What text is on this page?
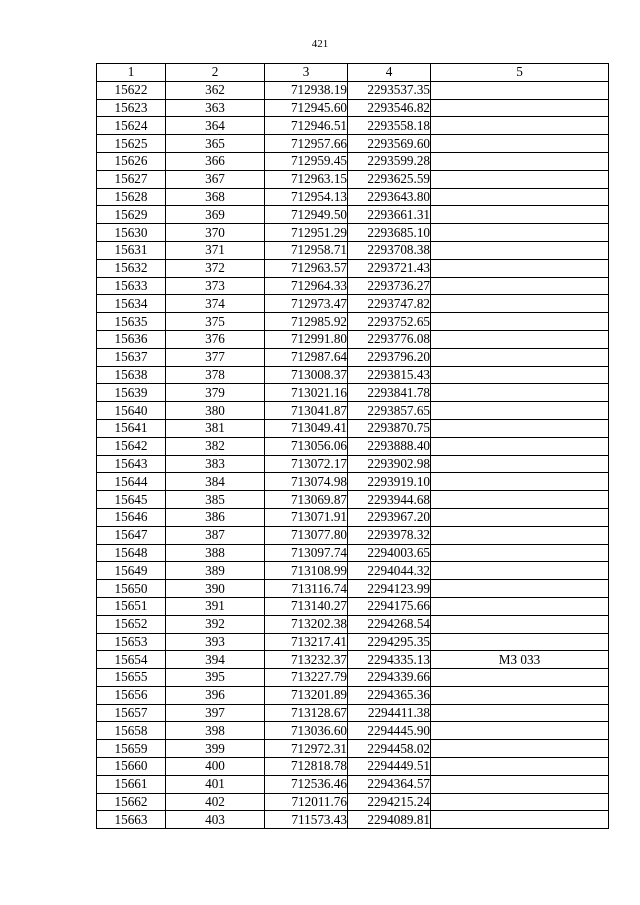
421
1	2	3	4	5
15622	362	712938.19	2293537.35	
15623	363	712945.60	2293546.82	
15624	364	712946.51	2293558.18	
15625	365	712957.66	2293569.60	
15626	366	712959.45	2293599.28	
15627	367	712963.15	2293625.59	
15628	368	712954.13	2293643.80	
15629	369	712949.50	2293661.31	
15630	370	712951.29	2293685.10	
15631	371	712958.71	2293708.38	
15632	372	712963.57	2293721.43	
15633	373	712964.33	2293736.27	
15634	374	712973.47	2293747.82	
15635	375	712985.92	2293752.65	
15636	376	712991.80	2293776.08	
15637	377	712987.64	2293796.20	
15638	378	713008.37	2293815.43	
15639	379	713021.16	2293841.78	
15640	380	713041.87	2293857.65	
15641	381	713049.41	2293870.75	
15642	382	713056.06	2293888.40	
15643	383	713072.17	2293902.98	
15644	384	713074.98	2293919.10	
15645	385	713069.87	2293944.68	
15646	386	713071.91	2293967.20	
15647	387	713077.80	2293978.32	
15648	388	713097.74	2294003.65	
15649	389	713108.99	2294044.32	
15650	390	713116.74	2294123.99	
15651	391	713140.27	2294175.66	
15652	392	713202.38	2294268.54	
15653	393	713217.41	2294295.35	
15654	394	713232.37	2294335.13	МЗ 033
15655	395	713227.79	2294339.66	
15656	396	713201.89	2294365.36	
15657	397	713128.67	2294411.38	
15658	398	713036.60	2294445.90	
15659	399	712972.31	2294458.02	
15660	400	712818.78	2294449.51	
15661	401	712536.46	2294364.57	
15662	402	712011.76	2294215.24	
15663	403	711573.43	2294089.81	
